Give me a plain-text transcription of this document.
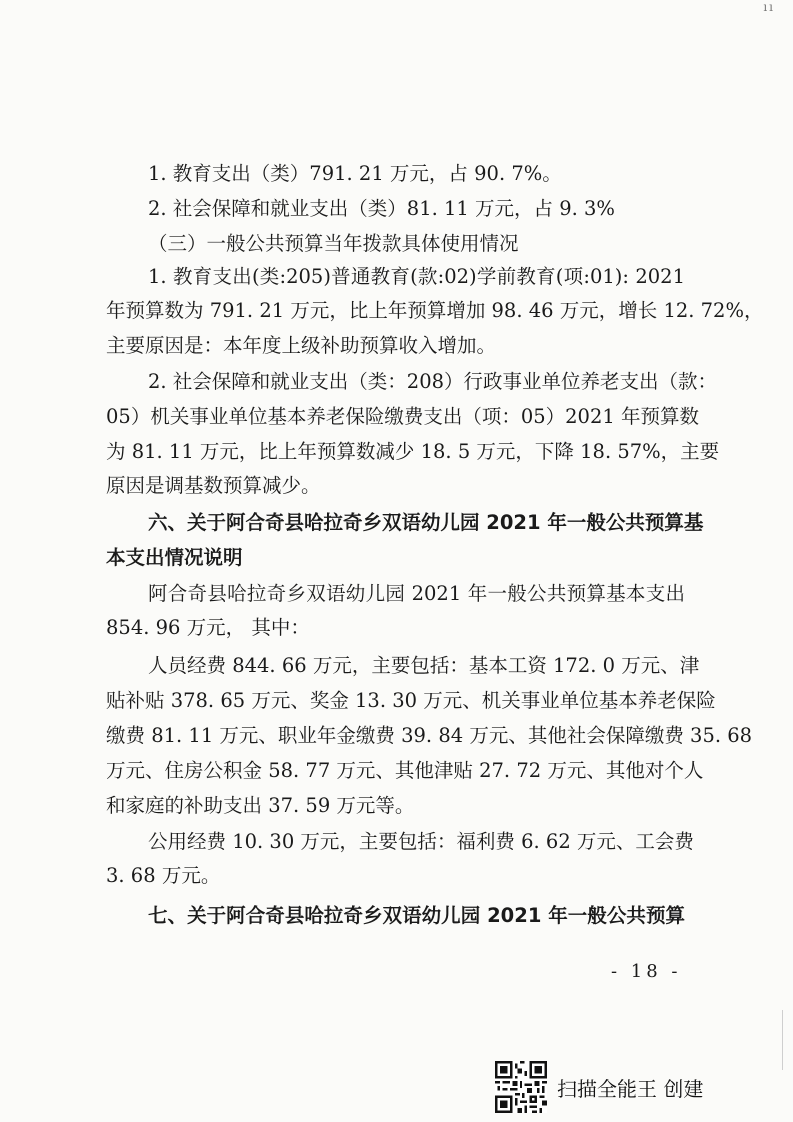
ıı
1. 教育支出（类）791. 21 万元，占 90. 7%。
2. 社会保障和就业支出（类）81. 11 万元，占 9. 3%
（三）一般公共预算当年拨款具体使用情况
1. 教育支出(类:205)普通教育(款:02)学前教育(项:01): 2021
年预算数为 791. 21 万元，比上年预算增加 98. 46 万元，增长 12. 72%，
主要原因是：本年度上级补助预算收入增加。
2. 社会保障和就业支出（类：208）行政事业单位养老支出（款：
05）机关事业单位基本养老保险缴费支出（项：05）2021 年预算数
为 81. 11 万元，比上年预算数减少 18. 5 万元，下降 18. 57%，主要
原因是调基数预算减少。
六、关于阿合奇县哈拉奇乡双语幼儿园 2021 年一般公共预算基
本支出情况说明
阿合奇县哈拉奇乡双语幼儿园 2021 年一般公共预算基本支出
854. 96 万元， 其中：
人员经费 844. 66 万元，主要包括：基本工资 172. 0 万元、津
贴补贴 378. 65 万元、奖金 13. 30 万元、机关事业单位基本养老保险
缴费 81. 11 万元、职业年金缴费 39. 84 万元、其他社会保障缴费 35. 68
万元、住房公积金 58. 77 万元、其他津贴 27. 72 万元、其他对个人
和家庭的补助支出 37. 59 万元等。
公用经费 10. 30 万元，主要包括：福利费 6. 62 万元、工会费
3. 68 万元。
七、关于阿合奇县哈拉奇乡双语幼儿园 2021 年一般公共预算
- 18 -
扫描全能王 创建
